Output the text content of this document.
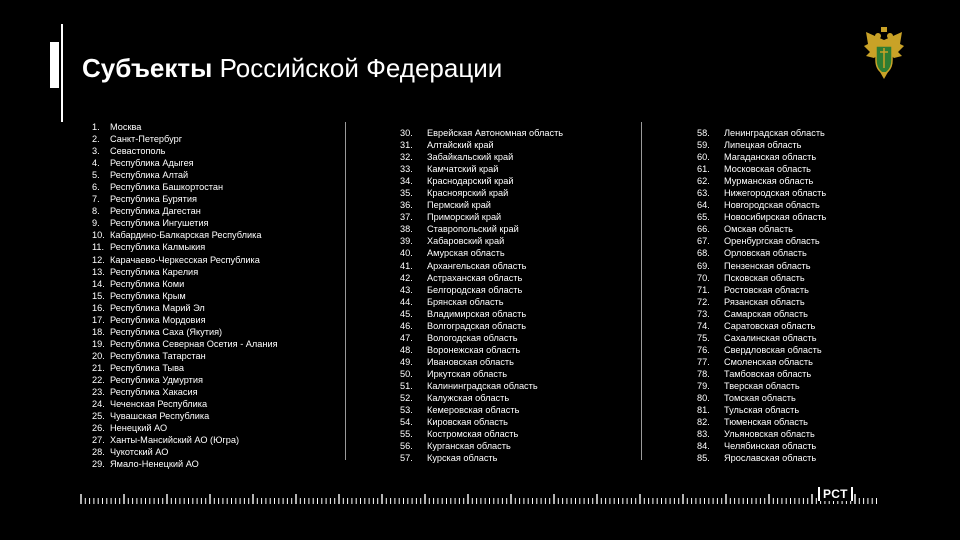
Субъекты Российской Федерации
1. Москва
2. Санкт-Петербург
3. Севастополь
4. Республика Адыгея
5. Республика Алтай
6. Республика Башкортостан
7. Республика Бурятия
8. Республика Дагестан
9. Республика Ингушетия
10. Кабардино-Балкарская Республика
11. Республика Калмыкия
12. Карачаево-Черкесская Республика
13. Республика Карелия
14. Республика Коми
15. Республика Крым
16. Республика Марий Эл
17. Республика Мордовия
18. Республика Саха (Якутия)
19. Республика Северная Осетия - Алания
20. Республика Татарстан
21. Республика Тыва
22. Республика Удмуртия
23. Республика Хакасия
24. Чеченская Республика
25. Чувашская Республика
26. Ненецкий АО
27. Ханты-Мансийский АО (Югра)
28. Чукотский АО
29. Ямало-Ненецкий АО
30. Еврейская Автономная область
31. Алтайский край
32. Забайкальский край
33. Камчатский край
34. Краснодарский край
35. Красноярский край
36. Пермский край
37. Приморский край
38. Ставропольский край
39. Хабаровский край
40. Амурская область
41. Архангельская область
42. Астраханская область
43. Белгородская область
44. Брянская область
45. Владимирская область
46. Волгоградская область
47. Вологодская область
48. Воронежская область
49. Ивановская область
50. Иркутская область
51. Калининградская область
52. Калужская область
53. Кемеровская область
54. Кировская область
55. Костромская область
56. Курганская область
57. Курская область
58. Ленинградская область
59. Липецкая область
60. Магаданская область
61. Московская область
62. Мурманская область
63. Нижегородская область
64. Новгородская область
65. Новосибирская область
66. Омская область
67. Оренбургская область
68. Орловская область
69. Пензенская область
70. Псковская область
71. Ростовская область
72. Рязанская область
73. Самарская область
74. Саратовская область
75. Сахалинская область
76. Свердловская область
77. Смоленская область
78. Тамбовская область
79. Тверская область
80. Томская область
81. Тульская область
82. Тюменская область
83. Ульяновская область
84. Челябинская область
85. Ярославская область
РСТ
